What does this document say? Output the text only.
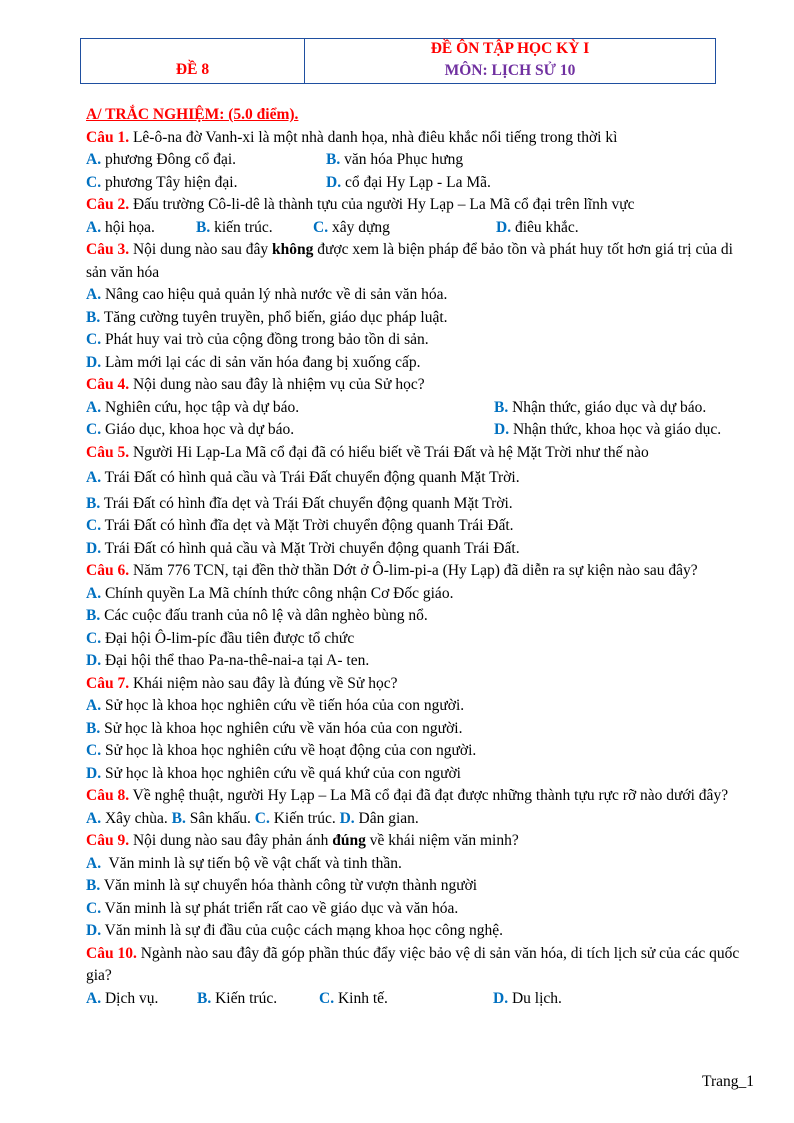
ĐỀ 8
ĐỀ ÔN TẬP HỌC KỲ I
MÔN: LỊCH SỬ 10
A/ TRẮC NGHIỆM: (5.0 điểm).
Câu 1. Lê-ô-na đờ Vanh-xi là một nhà danh họa, nhà điêu khắc nổi tiếng trong thời kì
A. phương Đông cổ đại.	B. văn hóa Phục hưng
C. phương Tây hiện đại.	D. cổ đại Hy Lạp - La Mã.
Câu 2. Đấu trường Cô-li-dê là thành tựu của người Hy Lạp – La Mã cổ đại trên lĩnh vực
A. hội họa.	B. kiến trúc.	C. xây dựng	D. điêu khắc.
Câu 3. Nội dung nào sau đây không được xem là biện pháp để bảo tồn và phát huy tốt hơn giá trị của di sản văn hóa
A. Nâng cao hiệu quả quản lý nhà nước về di sản văn hóa.
B. Tăng cường tuyên truyền, phổ biến, giáo dục pháp luật.
C. Phát huy vai trò của cộng đồng trong bảo tồn di sản.
D. Làm mới lại các di sản văn hóa đang bị xuống cấp.
Câu 4. Nội dung nào sau đây là nhiệm vụ của Sử học?
A. Nghiên cứu, học tập và dự báo.	B. Nhận thức, giáo dục và dự báo.
C. Giáo dục, khoa học và dự báo.	D. Nhận thức, khoa học và giáo dục.
Câu 5. Người Hi Lạp-La Mã cổ đại đã có hiểu biết về Trái Đất và hệ Mặt Trời như thế nào
A. Trái Đất có hình quả cầu và Trái Đất chuyển động quanh Mặt Trời.
B. Trái Đất có hình đĩa dẹt và Trái Đất chuyển động quanh Mặt Trời.
C. Trái Đất có hình đĩa dẹt và Mặt Trời chuyển động quanh Trái Đất.
D. Trái Đất có hình quả cầu và Mặt Trời chuyển động quanh Trái Đất.
Câu 6. Năm 776 TCN, tại đền thờ thần Dớt ở Ô-lim-pi-a (Hy Lạp) đã diễn ra sự kiện nào sau đây?
A. Chính quyền La Mã chính thức công nhận Cơ Đốc giáo.
B. Các cuộc đấu tranh của nô lệ và dân nghèo bùng nổ.
C. Đại hội Ô-lim-píc đầu tiên được tổ chức
D. Đại hội thể thao Pa-na-thê-nai-a tại A- ten.
Câu 7. Khái niệm nào sau đây là đúng về Sử học?
A. Sử học là khoa học nghiên cứu về tiến hóa của con người.
B. Sử học là khoa học nghiên cứu về văn hóa của con người.
C. Sử học là khoa học nghiên cứu về hoạt động của con người.
D. Sử học là khoa học nghiên cứu về quá khứ của con người
Câu 8. Về nghệ thuật, người Hy Lạp – La Mã cổ đại đã đạt được những thành tựu rực rỡ nào dưới đây?
A. Xây chùa. B. Sân khấu. C. Kiến trúc. D. Dân gian.
Câu 9. Nội dung nào sau đây phản ánh đúng về khái niệm văn minh?
A.  Văn minh là sự tiến bộ về vật chất và tinh thần.
B. Văn minh là sự chuyển hóa thành công từ vượn thành người
C. Văn minh là sự phát triển rất cao về giáo dục và văn hóa.
D. Văn minh là sự đi đầu của cuộc cách mạng khoa học công nghệ.
Câu 10. Ngành nào sau đây đã góp phần thúc đẩy việc bảo vệ di sản văn hóa, di tích lịch sử của các quốc gia?
A. Dịch vụ.	B. Kiến trúc.	C. Kinh tế.	D. Du lịch.
Trang_1
